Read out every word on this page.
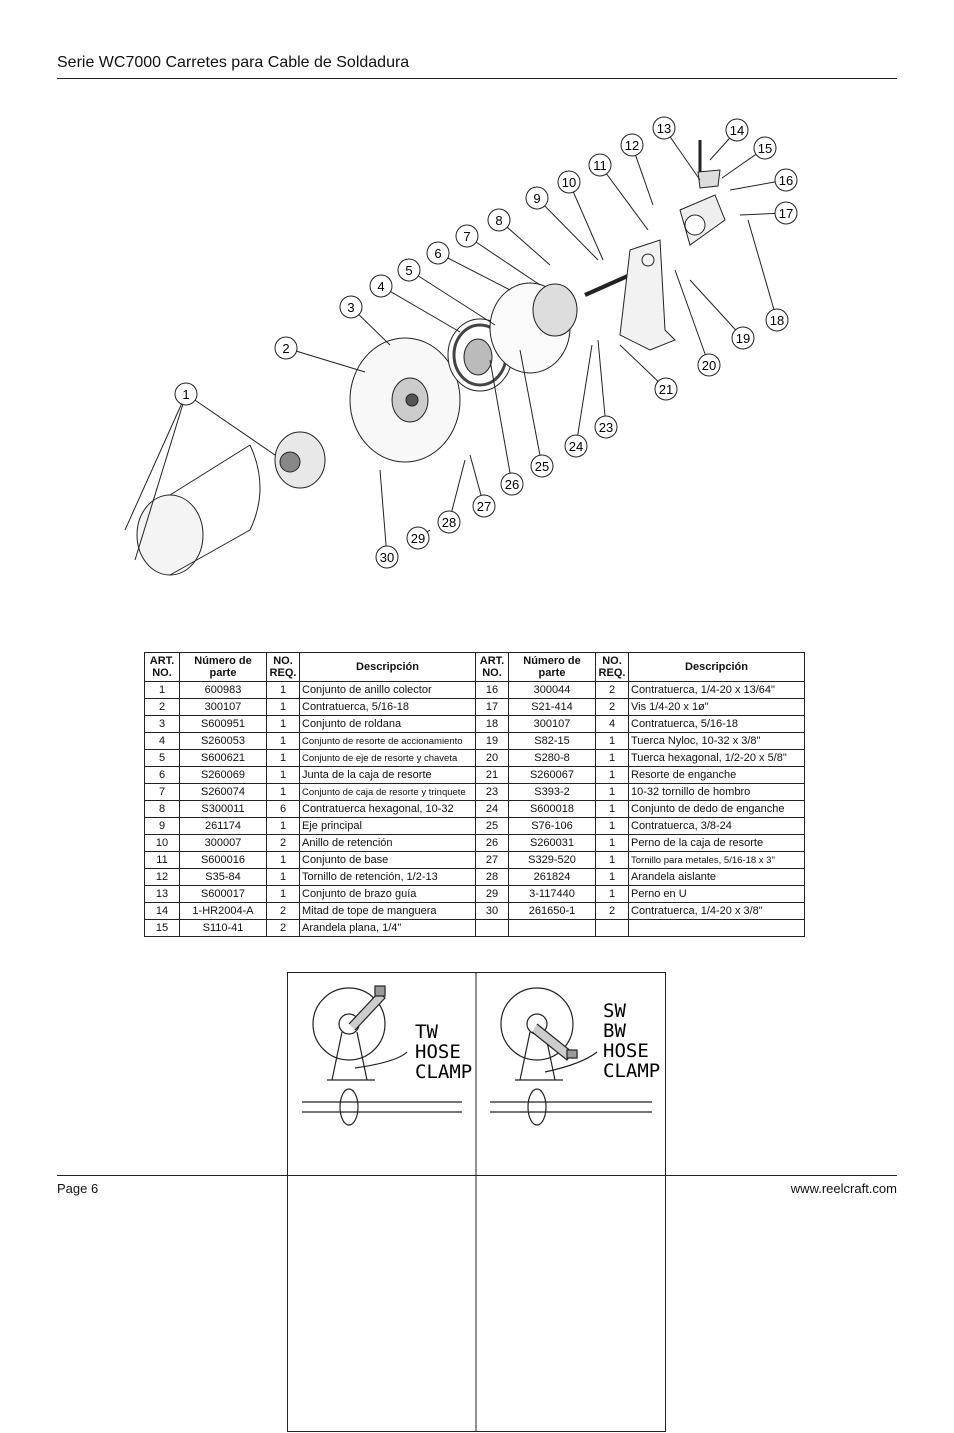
Serie WC7000 Carretes para Cable de Soldadura
1
2
3
4
5
6
7
8
9
10
11
12
13	14
15
16
17
18
19
20
21
23
24
25
26
27
28
29
30
ART. NO.	Número de parte	NO. REQ.	Descripción	ART. NO.	Número de parte	NO. REQ.	Descripción
1	600983	1	Conjunto de anillo colector	16	300044	2	Contratuerca, 1/4-20 x 13/64"
2	300107	1	Contratuerca, 5/16-18	17	S21-414	2	Vis 1/4-20 x 1ø"
3	S600951	1	Conjunto de roldana	18	300107	4	Contratuerca, 5/16-18
4	S260053	1	Conjunto de resorte de accionamiento	19	S82-15	1	Tuerca Nyloc, 10-32 x 3/8"
5	S600621	1	Conjunto de eje de resorte y chaveta	20	S280-8	1	Tuerca hexagonal, 1/2-20 x 5/8"
6	S260069	1	Junta de la caja de resorte	21	S260067	1	Resorte de enganche
7	S260074	1	Conjunto de caja de resorte y trinquete	23	S393-2	1	10-32 tornillo de hombro
8	S300011	6	Contratuerca hexagonal, 10-32	24	S600018	1	Conjunto de dedo de enganche
9	261174	1	Eje principal	25	S76-106	1	Contratuerca, 3/8-24
10	300007	2	Anillo de retención	26	S260031	1	Perno de la caja de resorte
11	S600016	1	Conjunto de base	27	S329-520	1	Tornillo para metales, 5/16-18 x 3"
12	S35-84	1	Tornillo de retención, 1/2-13	28	261824	1	Arandela aislante
13	S600017	1	Conjunto de brazo guía	29	3-117440	1	Perno en U
14	1-HR2004-A	2	Mitad de tope de manguera	30	261650-1	2	Contratuerca, 1/4-20 x 3/8"
15	S110-41	2	Arandela plana, 1/4"				
TW
HOSE
CLAMP
SW
BW
HOSE
CLAMP
Page 6	www.reelcraft.com
